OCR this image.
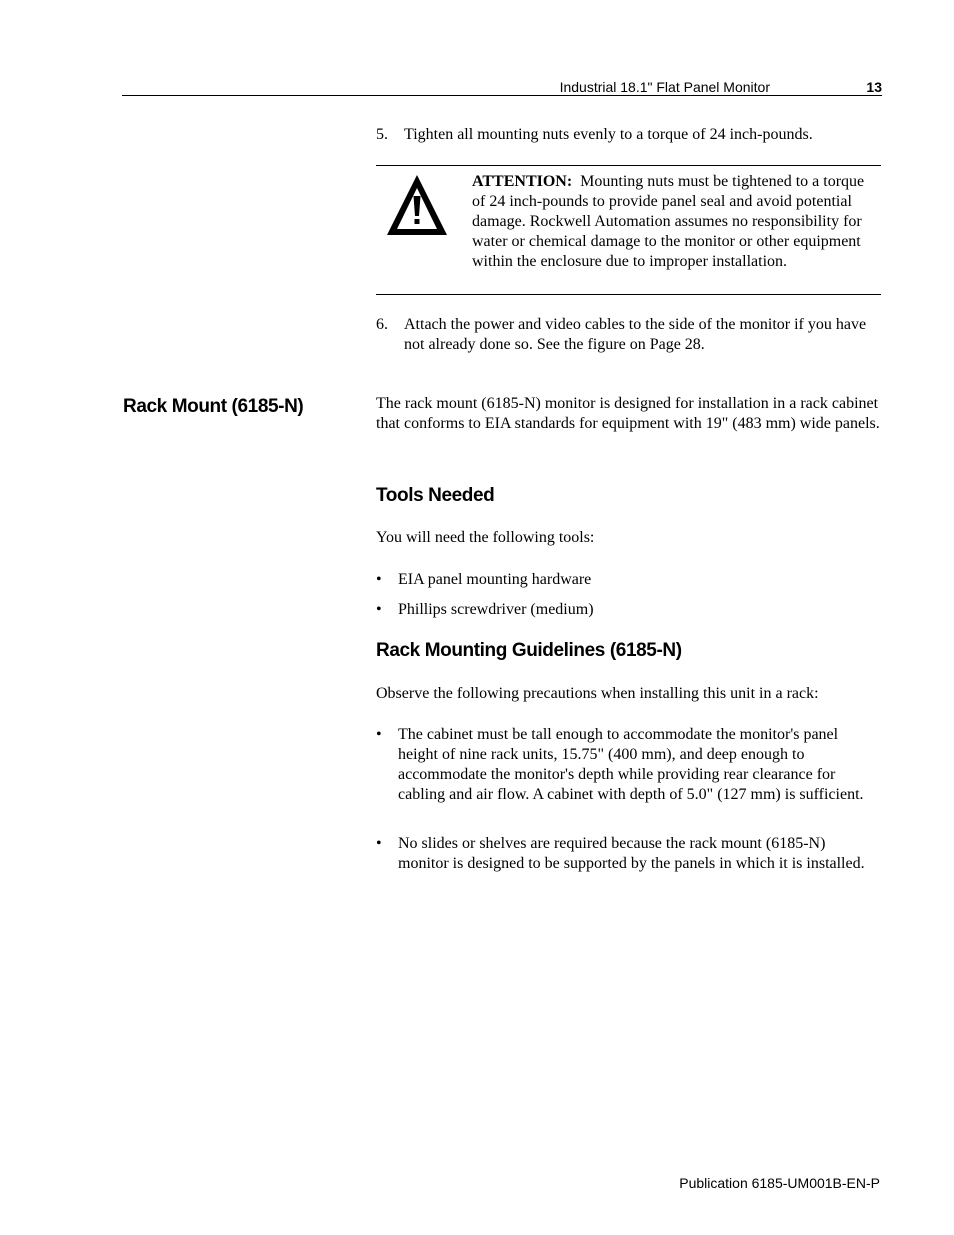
Industrial 18.1" Flat Panel Monitor	13
5. Tighten all mounting nuts evenly to a torque of 24 inch-pounds.
ATTENTION: Mounting nuts must be tightened to a torque of 24 inch-pounds to provide panel seal and avoid potential damage. Rockwell Automation assumes no responsibility for water or chemical damage to the monitor or other equipment within the enclosure due to improper installation.
6. Attach the power and video cables to the side of the monitor if you have not already done so. See the figure on Page 28.
Rack Mount (6185-N)	The rack mount (6185-N) monitor is designed for installation in a rack cabinet that conforms to EIA standards for equipment with 19" (483 mm) wide panels.
Tools Needed
You will need the following tools:
• EIA panel mounting hardware
• Phillips screwdriver (medium)
Rack Mounting Guidelines (6185-N)
Observe the following precautions when installing this unit in a rack:
• The cabinet must be tall enough to accommodate the monitor's panel height of nine rack units, 15.75" (400 mm), and deep enough to accommodate the monitor's depth while providing rear clearance for cabling and air flow. A cabinet with depth of 5.0" (127 mm) is sufficient.
• No slides or shelves are required because the rack mount (6185-N) monitor is designed to be supported by the panels in which it is installed.
Publication 6185-UM001B-EN-P
